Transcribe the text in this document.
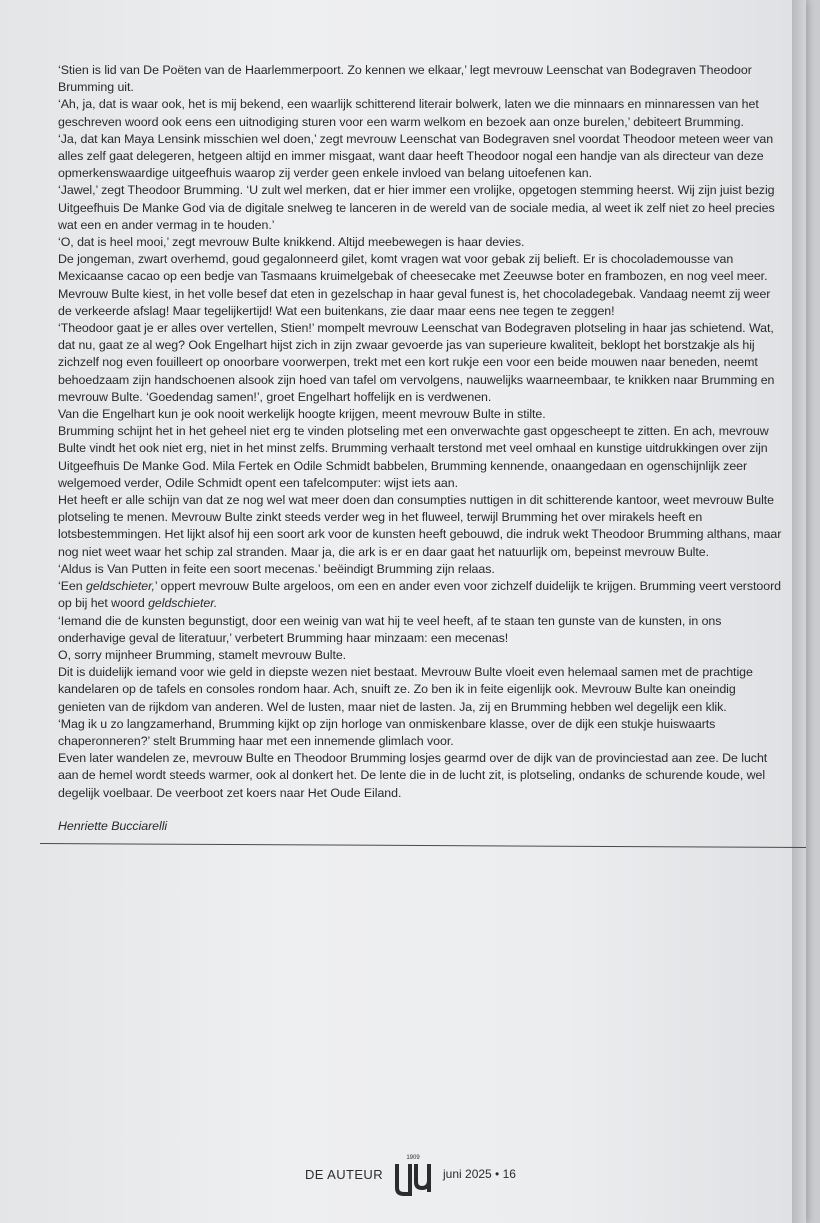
‘Stien is lid van De Poëten van de Haarlemmerpoort. Zo kennen we elkaar,’ legt mevrouw Leenschat van Bodegraven Theodoor Brumming uit.

‘Ah, ja, dat is waar ook, het is mij bekend, een waarlijk schitterend literair bolwerk, laten we die minnaars en minnaressen van het geschreven woord ook eens een uitnodiging sturen voor een warm welkom en bezoek aan onze burelen,’ debiteert Brumming.

‘Ja, dat kan Maya Lensink misschien wel doen,’ zegt mevrouw Leenschat van Bodegraven snel voordat Theodoor meteen weer van alles zelf gaat delegeren, hetgeen altijd en immer misgaat, want daar heeft Theodoor nogal een handje van als directeur van deze opmerkenswaardige uitgeefhuis waarop zij verder geen enkele invloed van belang uitoefenen kan.

‘Jawel,’ zegt Theodoor Brumming. ‘U zult wel merken, dat er hier immer een vrolijke, opgetogen stemming heerst. Wij zijn juist bezig Uitgeefhuis De Manke God via de digitale snelweg te lanceren in de wereld van de sociale media, al weet ik zelf niet zo heel precies wat een en ander vermag in te houden.’

‘O, dat is heel mooi,’ zegt mevrouw Bulte knikkend. Altijd meebewegen is haar devies.

De jongeman, zwart overhemd, goud gegalonneerd gilet, komt vragen wat voor gebak zij belieft. Er is chocolademousse van Mexicaanse cacao op een bedje van Tasmaans kruimelgebak of cheesecake met Zeeuwse boter en frambozen, en nog veel meer. Mevrouw Bulte kiest, in het volle besef dat eten in gezelschap in haar geval funest is, het chocoladegebak. Vandaag neemt zij weer de verkeerde afslag! Maar tegelijkertijd! Wat een buitenkans, zie daar maar eens nee tegen te zeggen!

‘Theodoor gaat je er alles over vertellen, Stien!’ mompelt mevrouw Leenschat van Bodegraven plotseling in haar jas schietend. Wat, dat nu, gaat ze al weg? Ook Engelhart hijst zich in zijn zwaar gevoerde jas van superieure kwaliteit, beklopt het borstzakje als hij zichzelf nog even fouilleert op onoorbare voorwerpen, trekt met een kort rukje een voor een beide mouwen naar beneden, neemt behoedzaam zijn handschoenen alsook zijn hoed van tafel om vervolgens, nauwelijks waarneembaar, te knikken naar Brumming en mevrouw Bulte. ‘Goedendag samen!’, groet Engelhart hoffelijk en is verdwenen.

Van die Engelhart kun je ook nooit werkelijk hoogte krijgen, meent mevrouw Bulte in stilte.

Brumming schijnt het in het geheel niet erg te vinden plotseling met een onverwachte gast opgescheept te zitten. En ach, mevrouw Bulte vindt het ook niet erg, niet in het minst zelfs. Brumming verhaalt terstond met veel omhaal en kunstige uitdrukkingen over zijn Uitgeefhuis De Manke God. Mila Fertek en Odile Schmidt babbelen, Brumming kennende, onaangedaan en ogenschijnlijk zeer welgemoed verder, Odile Schmidt opent een tafelcomputer: wijst iets aan.

Het heeft er alle schijn van dat ze nog wel wat meer doen dan consumpties nuttigen in dit schitterende kantoor, weet mevrouw Bulte plotseling te menen. Mevrouw Bulte zinkt steeds verder weg in het fluweel, terwijl Brumming het over mirakels heeft en lotsbestemmingen. Het lijkt alsof hij een soort ark voor de kunsten heeft gebouwd, die indruk wekt Theodoor Brumming althans, maar nog niet weet waar het schip zal stranden. Maar ja, die ark is er en daar gaat het natuurlijk om, bepeinst mevrouw Bulte.

‘Aldus is Van Putten in feite een soort mecenas.’ beëindigt Brumming zijn relaas.

‘Een geldschieter,’ oppert mevrouw Bulte argeloos, om een en ander even voor zichzelf duidelijk te krijgen. Brumming veert verstoord op bij het woord geldschieter.

‘Iemand die de kunsten begunstigt, door een weinig van wat hij te veel heeft, af te staan ten gunste van de kunsten, in ons onderhavige geval de literatuur,’ verbetert Brumming haar minzaam: een mecenas!

O, sorry mijnheer Brumming, stamelt mevrouw Bulte.

Dit is duidelijk iemand voor wie geld in diepste wezen niet bestaat. Mevrouw Bulte vloeit even helemaal samen met de prachtige kandelaren op de tafels en consoles rondom haar. Ach, snuift ze. Zo ben ik in feite eigenlijk ook. Mevrouw Bulte kan oneindig genieten van de rijkdom van anderen. Wel de lusten, maar niet de lasten. Ja, zij en Brumming hebben wel degelijk een klik.

‘Mag ik u zo langzamerhand, Brumming kijkt op zijn horloge van onmiskenbare klasse, over de dijk een stukje huiswaarts chaperonneren?’ stelt Brumming haar met een innemende glimlach voor.

Even later wandelen ze, mevrouw Bulte en Theodoor Brumming losjes gearmd over de dijk van de provinciestad aan zee. De lucht aan de hemel wordt steeds warmer, ook al donkert het. De lente die in de lucht zit, is plotseling, ondanks de schurende koude, wel degelijk voelbaar. De veerboot zet koers naar Het Oude Eiland.

Henriette Bucciarelli

DE AUTEUR
1909
juni 2025 • 16
